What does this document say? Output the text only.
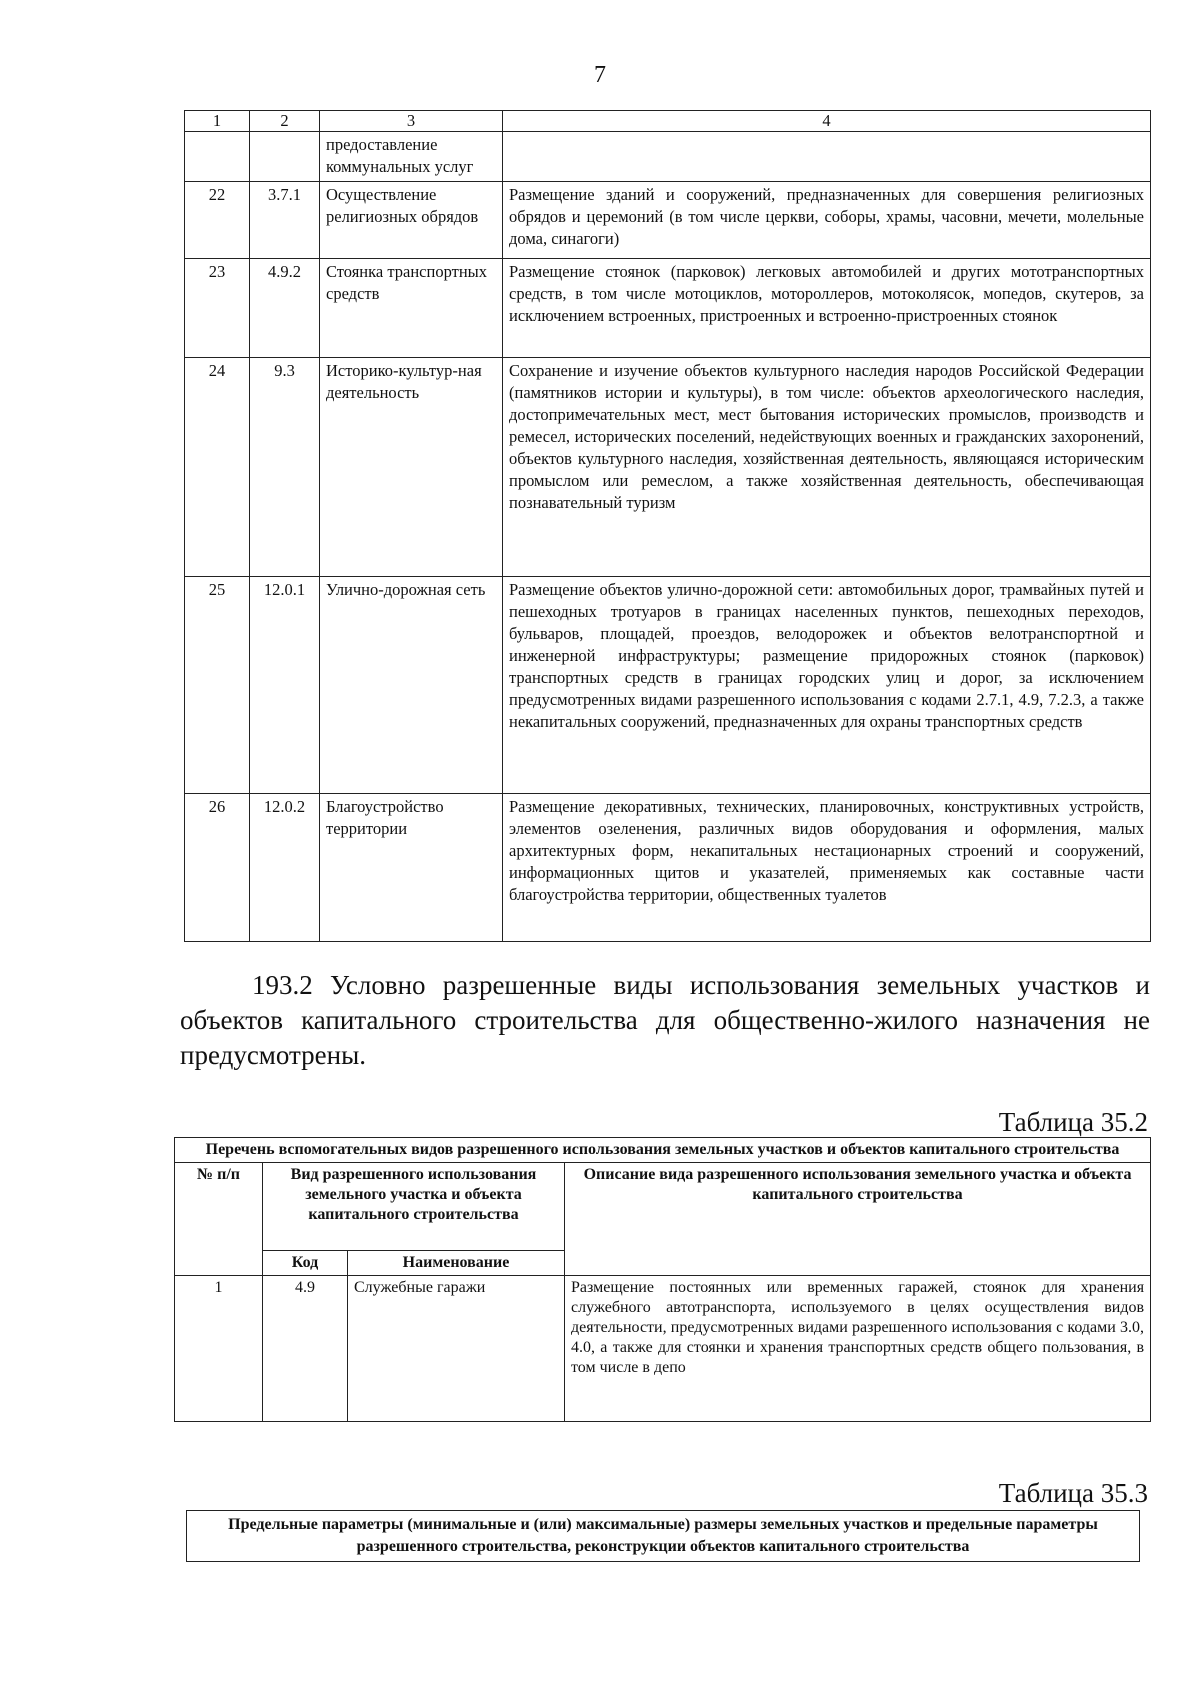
7
1	2	3	4
		предоставление коммунальных услуг	
22	3.7.1	Осуществление религиозных обрядов	Размещение зданий и сооружений, предназначенных для совершения религиозных обрядов и церемоний (в том числе церкви, соборы, храмы, часовни, мечети, молельные дома, синагоги)
23	4.9.2	Стоянка транспортных средств	Размещение стоянок (парковок) легковых автомобилей и других мототранспортных средств, в том числе мотоциклов, мотороллеров, мотоколясок, мопедов, скутеров, за исключением встроенных, пристроенных и встроенно-пристроенных стоянок
24	9.3	Историко-культур-ная деятельность	Сохранение и изучение объектов культурного наследия народов Российской Федерации (памятников истории и культуры), в том числе: объектов археологического наследия, достопримечательных мест, мест бытования исторических промыслов, производств и ремесел, исторических поселений, недействующих военных и гражданских захоронений, объектов культурного наследия, хозяйственная деятельность, являющаяся историческим промыслом или ремеслом, а также хозяйственная деятельность, обеспечивающая познавательный туризм
25	12.0.1	Улично-дорожная сеть	Размещение объектов улично-дорожной сети: автомобильных дорог, трамвайных путей и пешеходных тротуаров в границах населенных пунктов, пешеходных переходов, бульваров, площадей, проездов, велодорожек и объектов велотранспортной и инженерной инфраструктуры; размещение придорожных стоянок (парковок) транспортных средств в границах городских улиц и дорог, за исключением предусмотренных видами разрешенного использования с кодами 2.7.1, 4.9, 7.2.3, а также некапитальных сооружений, предназначенных для охраны транспортных средств
26	12.0.2	Благоустройство территории	Размещение декоративных, технических, планировочных, конструктивных устройств, элементов озеленения, различных видов оборудования и оформления, малых архитектурных форм, некапитальных нестационарных строений и сооружений, информационных щитов и указателей, применяемых как составные части благоустройства территории, общественных туалетов
193.2 Условно разрешенные виды использования земельных участков и объектов капитального строительства для общественно-жилого назначения не предусмотрены.
Таблица 35.2
Перечень вспомогательных видов разрешенного использования земельных участков и объектов капитального строительства			
№ п/п	Вид разрешенного использования земельного участка и объекта капитального строительства		Описание вида разрешенного использования земельного участка и объекта капитального строительства
	Код	Наименование	
1	4.9	Служебные гаражи	Размещение постоянных или временных гаражей, стоянок для хранения служебного автотранспорта, используемого в целях осуществления видов деятельности, предусмотренных видами разрешенного использования с кодами 3.0, 4.0, а также для стоянки и хранения транспортных средств общего пользования, в том числе в депо
Таблица 35.3
Предельные параметры (минимальные и (или) максимальные) размеры земельных участков и предельные параметры разрешенного строительства, реконструкции объектов капитального строительства
